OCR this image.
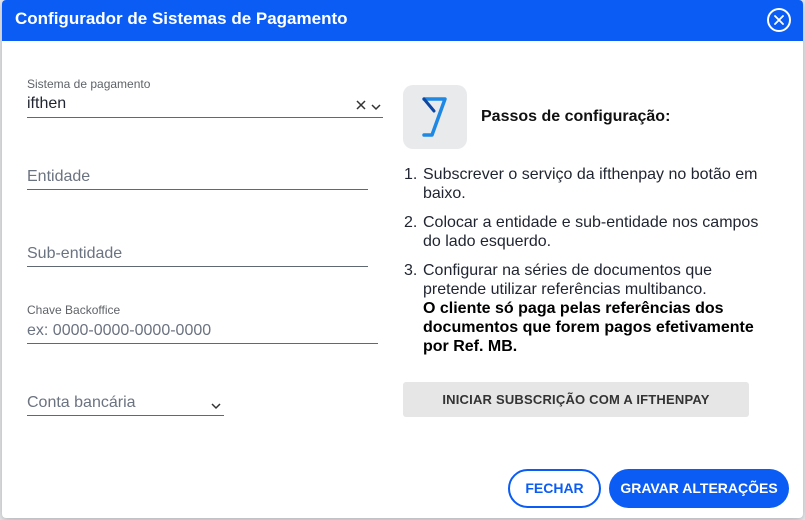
Configurador de Sistemas de Pagamento
Sistema de pagamento
ifthen
Entidade
Sub-entidade
Chave Backoffice
ex: 0000-0000-0000-0000
Conta bancária
Passos de configuração:
1. Subscrever o serviço da ifthenpay no botão em baixo.
2. Colocar a entidade e sub-entidade nos campos do lado esquerdo.
3. Configurar na séries de documentos que pretende utilizar referências multibanco.
O cliente só paga pelas referências dos documentos que forem pagos efetivamente por Ref. MB.
INICIAR SUBSCRIÇÃO COM A IFTHENPAY
FECHAR	GRAVAR ALTERAÇÕES
